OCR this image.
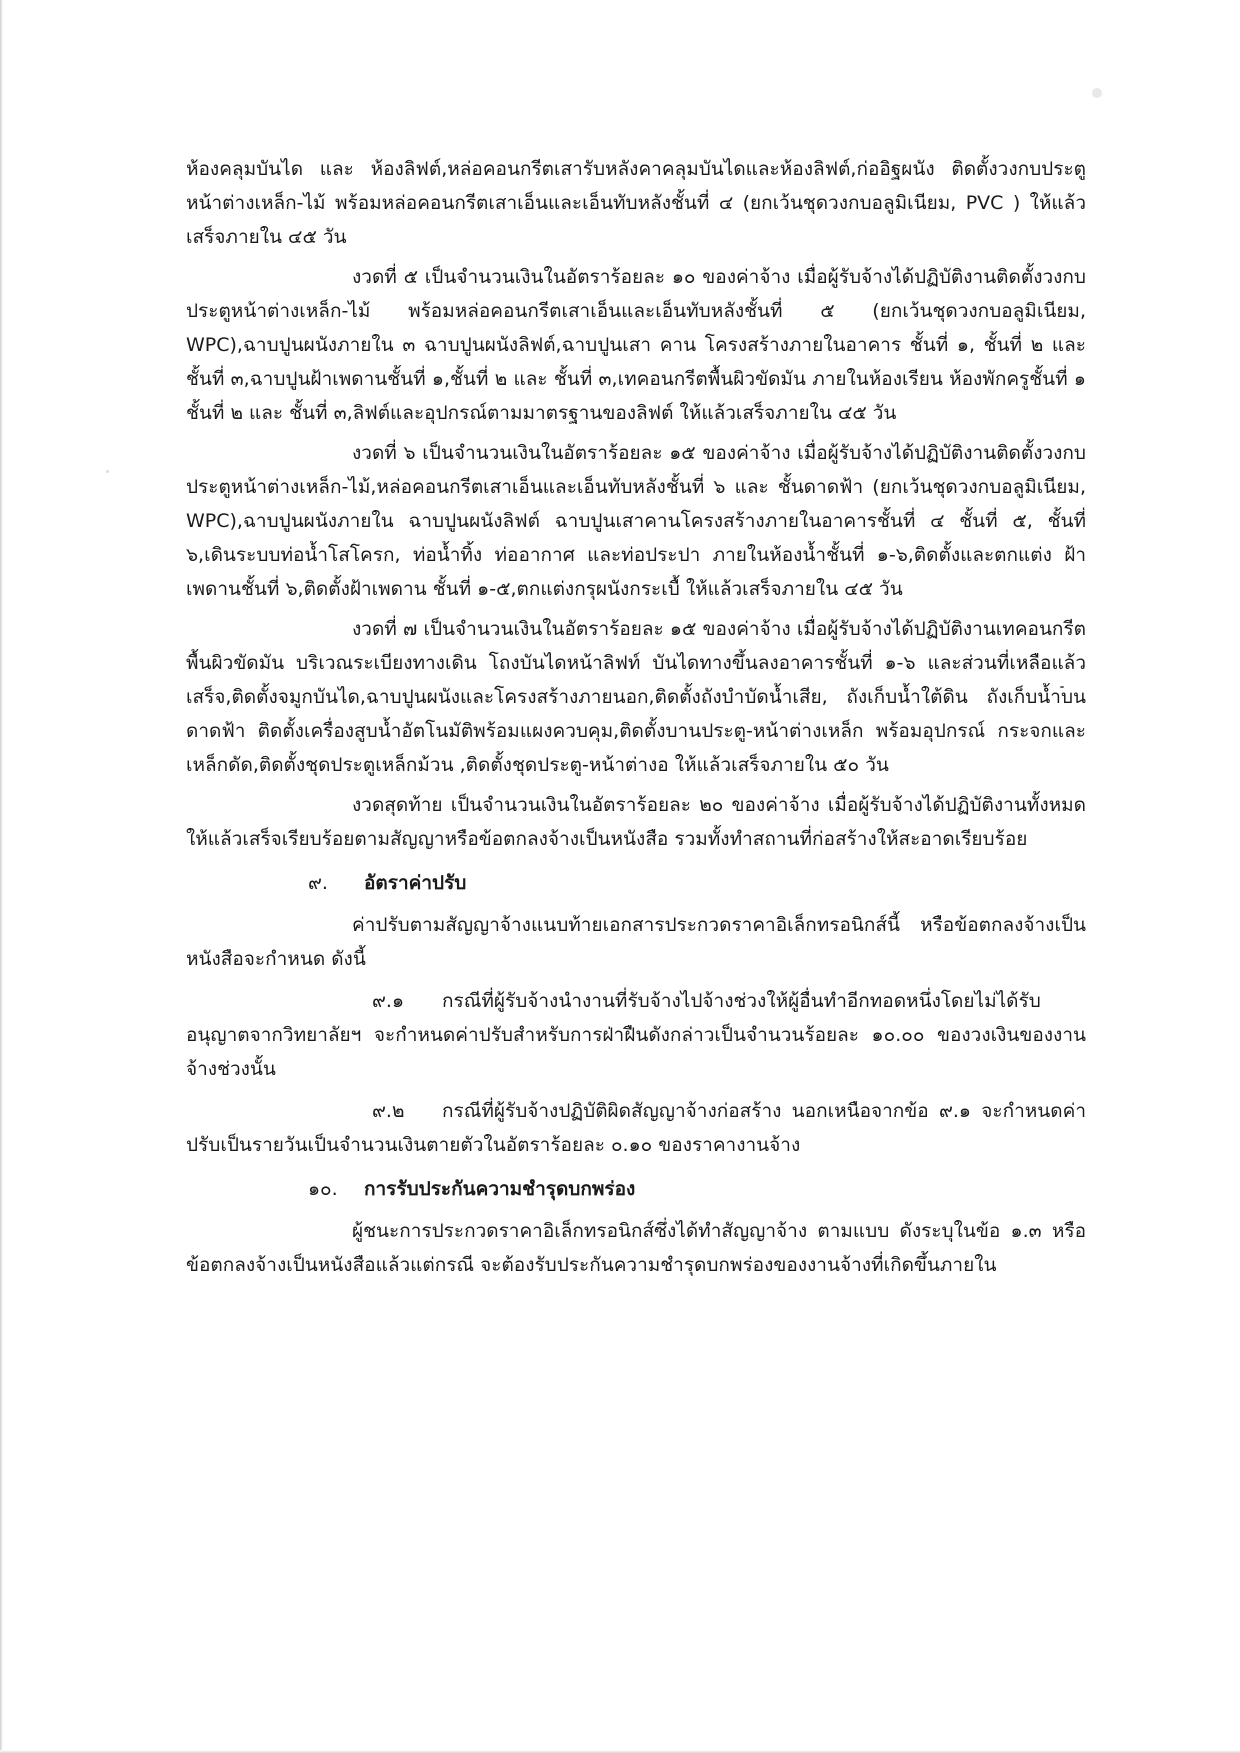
ห้องคลุมบันได และ ห้องลิฟต์,หล่อคอนกรีตเสารับหลังคาคลุมบันไดและห้องลิฟต์,ก่ออิฐผนัง ติดตั้งวงกบประตูหน้าต่างเหล็ก-ไม้ พร้อมหล่อคอนกรีตเสาเอ็นและเอ็นทับหลังชั้นที่ ๔ (ยกเว้นชุดวงกบอลูมิเนียม, PVC ) ให้แล้วเสร็จภายใน ๔๕ วัน

งวดที่ ๕ เป็นจำนวนเงินในอัตราร้อยละ ๑๐ ของค่าจ้าง เมื่อผู้รับจ้างได้ปฏิบัติงานติดตั้งวงกบประตูหน้าต่างเหล็ก-ไม้ พร้อมหล่อคอนกรีตเสาเอ็นและเอ็นทับหลังชั้นที่ ๕ (ยกเว้นชุดวงกบอลูมิเนียม, WPC),ฉาบปูนผนังภายใน ๓ ฉาบปูนผนังลิฟต์,ฉาบปูนเสา คาน โครงสร้างภายในอาคาร ชั้นที่ ๑, ชั้นที่ ๒ และ ชั้นที่ ๓,ฉาบปูนฝ้าเพดานชั้นที่ ๑,ชั้นที่ ๒ และ ชั้นที่ ๓,เทคอนกรีตพื้นผิวขัดมัน ภายในห้องเรียน ห้องพักครูชั้นที่ ๑ ชั้นที่ ๒ และ ชั้นที่ ๓,ลิฟต์และอุปกรณ์ตามมาตรฐานของลิฟต์ ให้แล้วเสร็จภายใน ๔๕ วัน

งวดที่ ๖ เป็นจำนวนเงินในอัตราร้อยละ ๑๕ ของค่าจ้าง เมื่อผู้รับจ้างได้ปฏิบัติงานติดตั้งวงกบประตูหน้าต่างเหล็ก-ไม้,หล่อคอนกรีตเสาเอ็นและเอ็นทับหลังชั้นที่ ๖ และ ชั้นดาดฟ้า (ยกเว้นชุดวงกบอลูมิเนียม, WPC),ฉาบปูนผนังภายใน ฉาบปูนผนังลิฟต์ ฉาบปูนเสาคานโครงสร้างภายในอาคารชั้นที่ ๔ ชั้นที่ ๕, ชั้นที่ ๖,เดินระบบท่อน้ำโสโครก, ท่อน้ำทิ้ง ท่ออากาศ และท่อประปา ภายในห้องน้ำชั้นที่ ๑-๖,ติดตั้งและตกแต่ง ฝ้าเพดานชั้นที่ ๖,ติดตั้งฝ้าเพดาน ชั้นที่ ๑-๕,ตกแต่งกรุผนังกระเบื้ ให้แล้วเสร็จภายใน ๔๕ วัน

งวดที่ ๗ เป็นจำนวนเงินในอัตราร้อยละ ๑๕ ของค่าจ้าง เมื่อผู้รับจ้างได้ปฏิบัติงานเทคอนกรีตพื้นผิวขัดมัน บริเวณระเบียงทางเดิน โถงบันไดหน้าลิฟท์ บันไดทางขึ้นลงอาคารชั้นที่ ๑-๖ และส่วนที่เหลือแล้วเสร็จ,ติดตั้งจมูกบันได,ฉาบปูนผนังและโครงสร้างภายนอก,ติดตั้งถังบำบัดน้ำเสีย, ถังเก็บน้ำใต้ดิน ถังเก็บน้ำบนดาดฟ้า ติดตั้งเครื่องสูบน้ำอัตโนมัติพร้อมแผงควบคุม,ติดตั้งบานประตู-หน้าต่างเหล็ก พร้อมอุปกรณ์ กระจกและเหล็กดัด,ติดตั้งชุดประตูเหล็กม้วน ,ติดตั้งชุดประตู-หน้าต่างอ ให้แล้วเสร็จภายใน ๕๐ วัน

งวดสุดท้าย เป็นจำนวนเงินในอัตราร้อยละ ๒๐ ของค่าจ้าง เมื่อผู้รับจ้างได้ปฏิบัติงานทั้งหมดให้แล้วเสร็จเรียบร้อยตามสัญญาหรือข้อตกลงจ้างเป็นหนังสือ รวมทั้งทำสถานที่ก่อสร้างให้สะอาดเรียบร้อย

๙. อัตราค่าปรับ

ค่าปรับตามสัญญาจ้างแนบท้ายเอกสารประกวดราคาอิเล็กทรอนิกส์นี้ หรือข้อตกลงจ้างเป็นหนังสือจะกำหนด ดังนี้

๙.๑ กรณีที่ผู้รับจ้างนำงานที่รับจ้างไปจ้างช่วงให้ผู้อื่นทำอีกทอดหนึ่งโดยไม่ได้รับอนุญาตจากวิทยาลัยฯ จะกำหนดค่าปรับสำหรับการฝ่าฝืนดังกล่าวเป็นจำนวนร้อยละ ๑๐.๐๐ ของวงเงินของงานจ้างช่วงนั้น

๙.๒ กรณีที่ผู้รับจ้างปฏิบัติผิดสัญญาจ้างก่อสร้าง นอกเหนือจากข้อ ๙.๑ จะกำหนดค่าปรับเป็นรายวันเป็นจำนวนเงินตายตัวในอัตราร้อยละ ๐.๑๐ ของราคางานจ้าง

๑๐. การรับประกันความชำรุดบกพร่อง

ผู้ชนะการประกวดราคาอิเล็กทรอนิกส์ซึ่งได้ทำสัญญาจ้าง ตามแบบ ดังระบุในข้อ ๑.๓ หรือข้อตกลงจ้างเป็นหนังสือแล้วแต่กรณี จะต้องรับประกันความชำรุดบกพร่องของงานจ้างที่เกิดขึ้นภายใน
